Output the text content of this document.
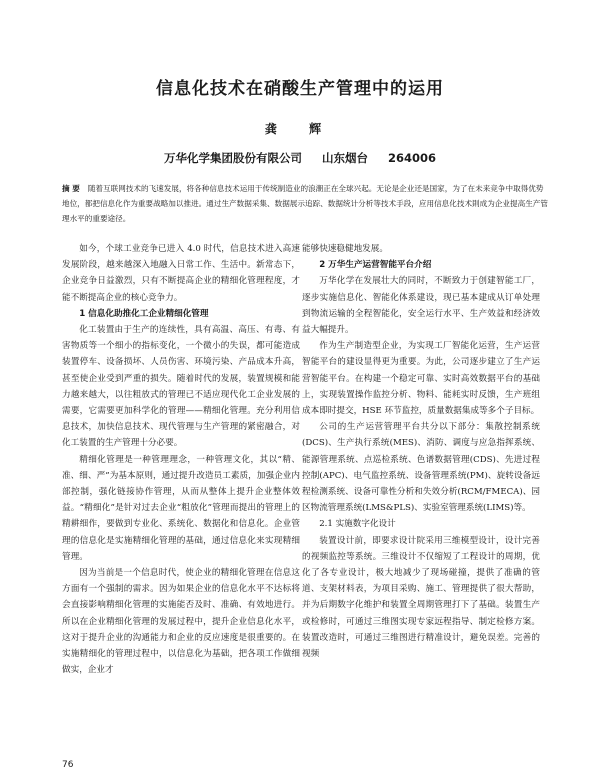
信息化技术在硝酸生产管理中的运用
龚 辉
万华化学集团股份有限公司 山东烟台 264006
摘 要 随着互联网技术的飞速发展，将各种信息技术运用于传统制造业的浪潮正在全球兴起。无论是企业还是国家，为了在未来竞争中取得优势地位，都把信息化作为重要战略加以推进。通过生产数据采集、数据展示追踪、数据统计分析等技术手段，应用信息化技术則成为企业提高生产管理水平的重要途径。

如今，个球工业竞争已进入 4.0 时代，信息技术进入高速发展阶段，越来越深入地融入日常工作、生活中。新常态下，企业竞争日益激烈，只有不断提高企业的精细化管理程度，才能不断提高企业的核心竞争力。

1 信息化助推化工企业精细化管理

化工装置由于生产的连续性，具有高温、高压、有毒、有害物质等一个细小的指标变化，一个微小的失误，都可能造成装置停车、设备损坏、人员伤害、环境污染、产品成本升高，甚至使企业受到严重的损失。随着时代的发展，装置规模和能力越来越大，以往粗放式的管理已不适应现代化工企业发展的需要，它需要更加科学化的管理——精细化管理。充分利用信息技术，加快信息技术、现代管理与生产管理的紧密融合，对化工装置的生产管理十分必要。

精细化管理是一种管理理念，一种管理文化，其以“精、准、细、严”为基本原则，通过提升改造员工素质，加强企业内部控制，强化链接协作管理，从而从整体上提升企业整体效益。“精细化”是针对过去企业“粗放化”管理而提出的管理上的精耕细作，要做到专业化、系统化、数据化和信息化。企业管理的信息化是实施精细化管理的基础，通过信息化来实现精细管理。

因为当前是一个信息时代，使企业的精细化管理在信息这方面有一个强制的需求。因为如果企业的信息化水平不达标将会直接影响精细化管理的实施能否及时、准确、有效地进行。所以在企业精细化管理的发展过程中，提升企业信息化水平，这对于提升企业的沟通能力和企业的反应速度是很重要的。在实施精细化的管理过程中，以信息化为基础，把各项工作做细做实，企业才

能够快速稳健地发展。

2 万华生产运营智能平台介绍

万华化学在发展壮大的同时，不断致力于创建智能工厂，逐步实施信息化、智能化体系建设，现已基本建成从订单处理到物流运输的全程智能化，安全运行水平、生产效益和经济效益大幅提升。

作为生产制造型企业，为实现工厂智能化运营，生产运营智能平台的建设显得更为重要。为此，公司逐步建立了生产运营智能平台。在构建一个稳定可靠、实时高效数据平台的基础上，实现装置操作监控分析、物料、能耗实时反馈，生产班组成本即时提交，HSE 环节监控，质量数据集成等多个子目标。

公司的生产运营管理平台共分以下部分：集散控制系统(DCS)、生产执行系统(MES)、消防、调度与应急指挥系统、能源管理系统、点巡检系统、色谱数据管理(CDS)、先进过程控制(APC)、电气监控系统、设备管理系统(PM)、旋转设备远程检测系统、设备可靠性分析和失效分析(RCM/FMECA)、园区物流管理系统(LMS&PLS)、实验室管理系统(LIMS)等。

2.1 实施数字化设计

装置设计前，即要求设计院采用三维模型设计，设计完善的视频监控等系统。三维设计不仅缩短了工程设计的周期，优化了各专业设计，极大地减少了现场碰撞，提供了准确的管道、支架材料表，为项目采购、施工、管理提供了很大帮助，并为后期数字化维护和装置全周期管理打下了基础。装置生产或检修时，可通过三维图实现专家远程指导、制定检修方案。装置改造时，可通过三维图进行精准设计，避免误差。完善的视频

76
